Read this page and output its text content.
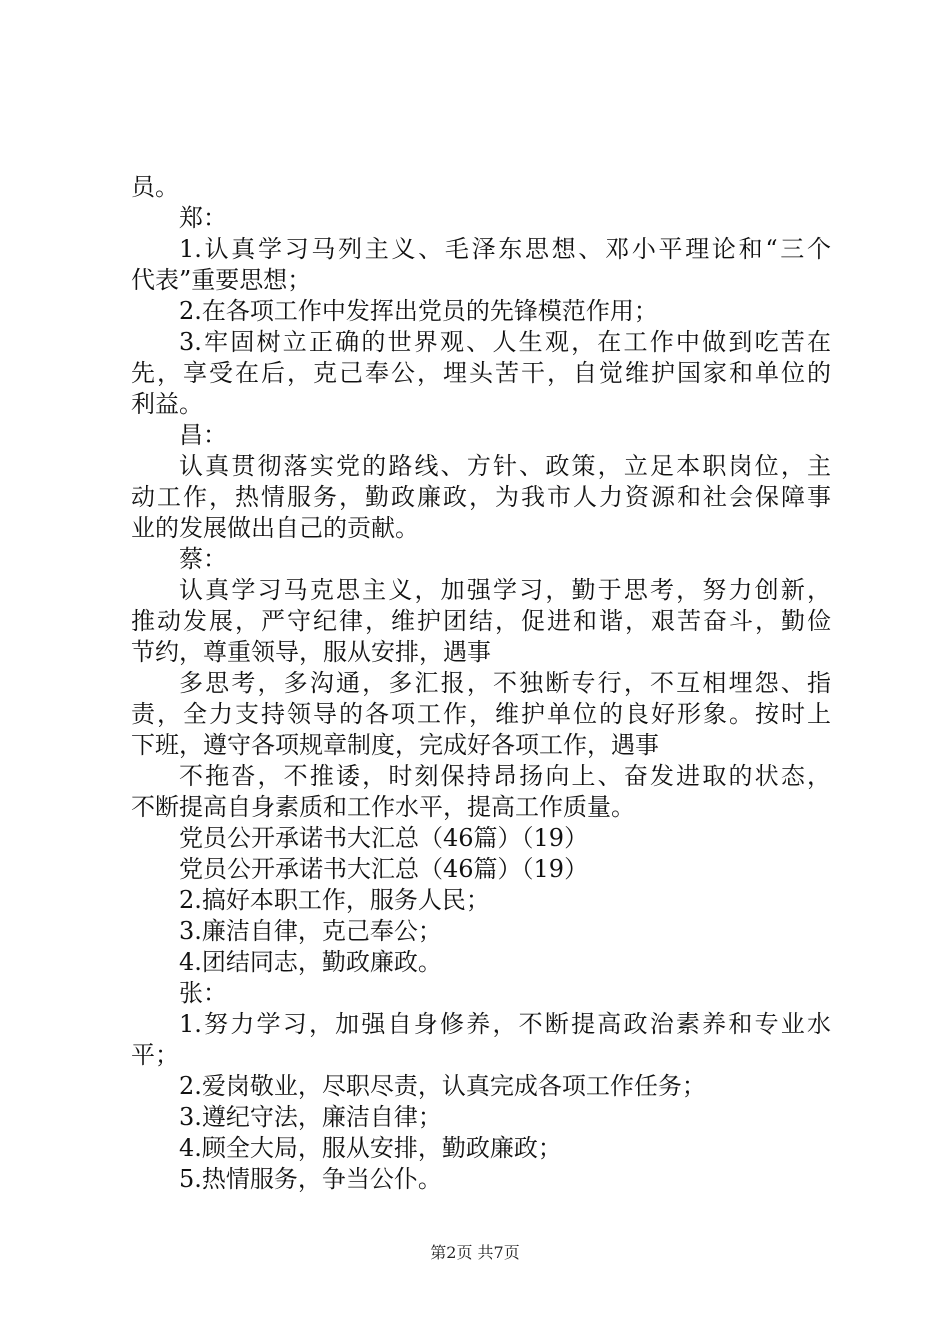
员。
郑：
1.认真学习马列主义、毛泽东思想、邓小平理论和“三个
代表”重要思想；
2.在各项工作中发挥出党员的先锋模范作用；
3.牢固树立正确的世界观、人生观，在工作中做到吃苦在
先，享受在后，克己奉公，埋头苦干，自觉维护国家和单位的
利益。
昌：
认真贯彻落实党的路线、方针、政策，立足本职岗位，主
动工作，热情服务，勤政廉政，为我市人力资源和社会保障事
业的发展做出自己的贡献。
蔡：
认真学习马克思主义，加强学习，勤于思考，努力创新，
推动发展，严守纪律，维护团结，促进和谐，艰苦奋斗，勤俭
节约，尊重领导，服从安排，遇事
多思考，多沟通，多汇报，不独断专行，不互相埋怨、指
责，全力支持领导的各项工作，维护单位的良好形象。按时上
下班，遵守各项规章制度，完成好各项工作，遇事
不拖沓，不推诿，时刻保持昂扬向上、奋发进取的状态，
不断提高自身素质和工作水平，提高工作质量。
党员公开承诺书大汇总（46篇）（19）
党员公开承诺书大汇总（46篇）（19）
2.搞好本职工作，服务人民；
3.廉洁自律，克己奉公；
4.团结同志，勤政廉政。
张：
1.努力学习，加强自身修养，不断提高政治素养和专业水
平；
2.爱岗敬业，尽职尽责，认真完成各项工作任务；
3.遵纪守法，廉洁自律；
4.顾全大局，服从安排，勤政廉政；
5.热情服务，争当公仆。
第2页 共7页
